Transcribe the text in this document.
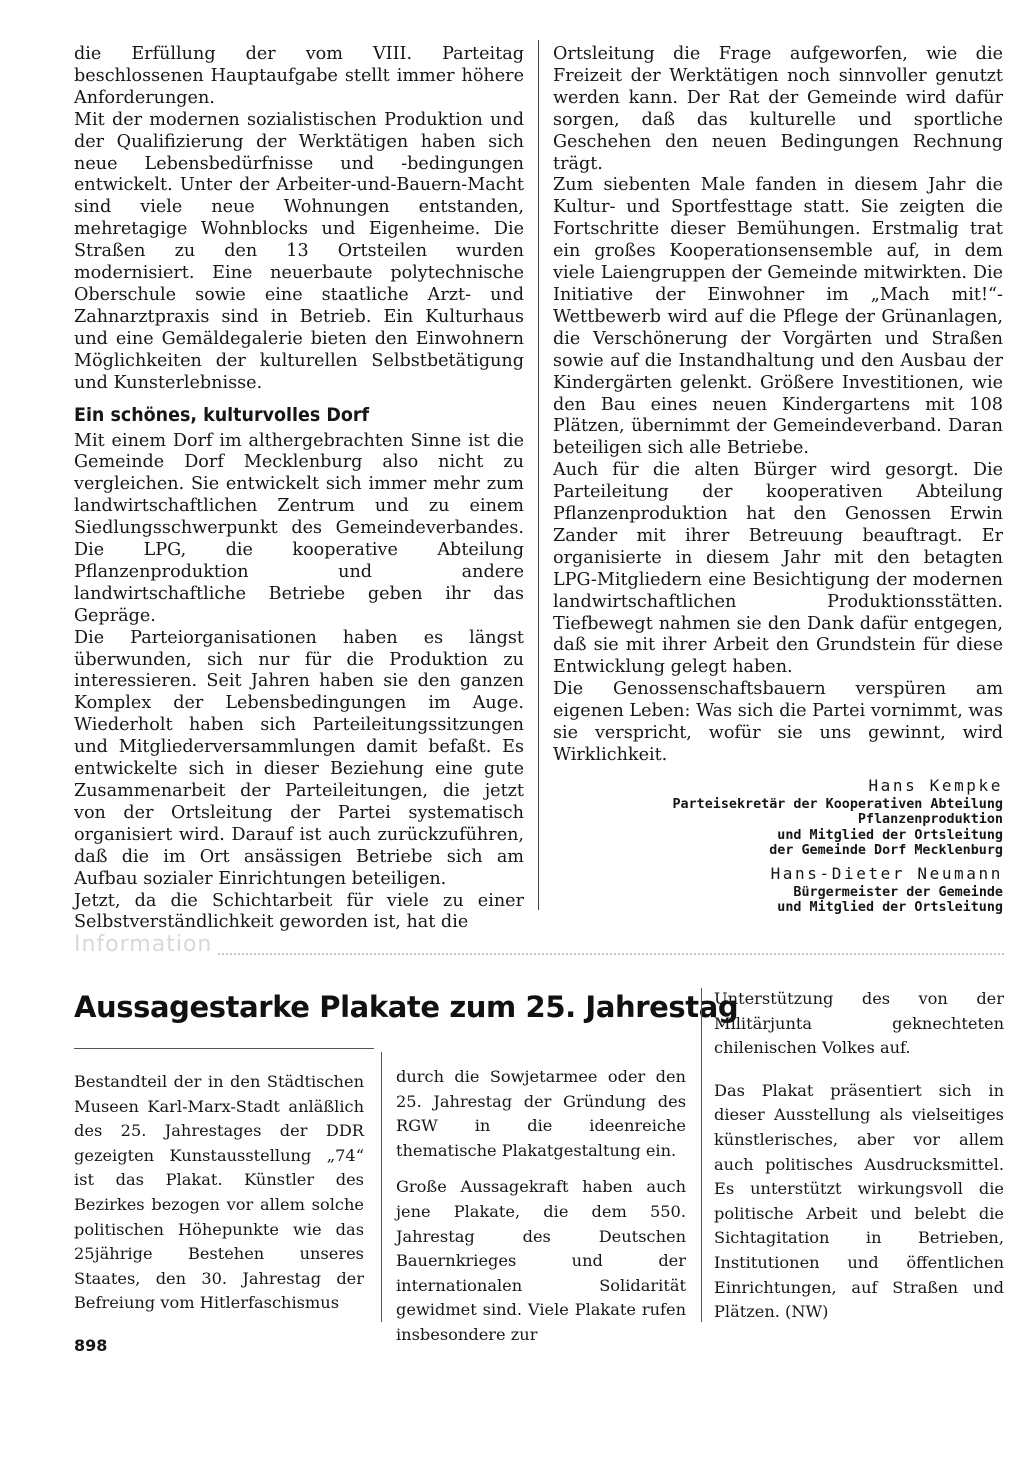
die Erfüllung der vom VIII. Parteitag beschlossenen Hauptaufgabe stellt immer höhere Anforderungen.

Mit der modernen sozialistischen Produktion und der Qualifizierung der Werktätigen haben sich neue Lebensbedürfnisse und -bedingungen entwickelt. Unter der Arbeiter-und-Bauern-Macht sind viele neue Wohnungen entstanden, mehretagige Wohnblocks und Eigenheime. Die Straßen zu den 13 Ortsteilen wurden modernisiert. Eine neuerbaute polytechnische Oberschule sowie eine staatliche Arzt- und Zahnarztpraxis sind in Betrieb. Ein Kulturhaus und eine Gemäldegalerie bieten den Einwohnern Möglichkeiten der kulturellen Selbstbetätigung und Kunsterlebnisse.

Ein schönes, kulturvolles Dorf

Mit einem Dorf im althergebrachten Sinne ist die Gemeinde Dorf Mecklenburg also nicht zu vergleichen. Sie entwickelt sich immer mehr zum landwirtschaftlichen Zentrum und zu einem Siedlungsschwerpunkt des Gemeindeverbandes. Die LPG, die kooperative Abteilung Pflanzenproduktion und andere landwirtschaftliche Betriebe geben ihr das Gepräge.

Die Parteiorganisationen haben es längst überwunden, sich nur für die Produktion zu interessieren. Seit Jahren haben sie den ganzen Komplex der Lebensbedingungen im Auge. Wiederholt haben sich Parteileitungssitzungen und Mitgliederversammlungen damit befaßt. Es entwickelte sich in dieser Beziehung eine gute Zusammenarbeit der Parteileitungen, die jetzt von der Ortsleitung der Partei systematisch organisiert wird. Darauf ist auch zurückzuführen, daß die im Ort ansässigen Betriebe sich am Aufbau sozialer Einrichtungen beteiligen.

Jetzt, da die Schichtarbeit für viele zu einer Selbstverständlichkeit geworden ist, hat die

Ortsleitung die Frage aufgeworfen, wie die Freizeit der Werktätigen noch sinnvoller genutzt werden kann. Der Rat der Gemeinde wird dafür sorgen, daß das kulturelle und sportliche Geschehen den neuen Bedingungen Rechnung trägt.

Zum siebenten Male fanden in diesem Jahr die Kultur- und Sportfesttage statt. Sie zeigten die Fortschritte dieser Bemühungen. Erstmalig trat ein großes Kooperationsensemble auf, in dem viele Laiengruppen der Gemeinde mitwirkten. Die Initiative der Einwohner im „Mach mit!“-Wettbewerb wird auf die Pflege der Grünanlagen, die Verschönerung der Vorgärten und Straßen sowie auf die Instandhaltung und den Ausbau der Kindergärten gelenkt. Größere Investitionen, wie den Bau eines neuen Kindergartens mit 108 Plätzen, übernimmt der Gemeindeverband. Daran beteiligen sich alle Betriebe.

Auch für die alten Bürger wird gesorgt. Die Parteileitung der kooperativen Abteilung Pflanzenproduktion hat den Genossen Erwin Zander mit ihrer Betreuung beauftragt. Er organisierte in diesem Jahr mit den betagten LPG-Mitgliedern eine Besichtigung der modernen landwirtschaftlichen Produktionsstätten. Tiefbewegt nahmen sie den Dank dafür entgegen, daß sie mit ihrer Arbeit den Grundstein für diese Entwicklung gelegt haben.

Die Genossenschaftsbauern verspüren am eigenen Leben: Was sich die Partei vornimmt, was sie verspricht, wofür sie uns gewinnt, wird Wirklichkeit.

Hans Kempke
Parteisekretär der Kooperativen Abteilung
Pflanzenproduktion
und Mitglied der Ortsleitung
der Gemeinde Dorf Mecklenburg
Hans-Dieter Neumann
Bürgermeister der Gemeinde
und Mitglied der Ortsleitung
Information
Aussagestarke Plakate zum 25. Jahrestag

Bestandteil der in den Städtischen Museen Karl-Marx-Stadt anläßlich des 25. Jahrestages der DDR gezeigten Kunstausstellung „74“ ist das Plakat. Künstler des Bezirkes bezogen vor allem solche politischen Höhepunkte wie das 25jährige Bestehen unseres Staates, den 30. Jahrestag der Befreiung vom Hitlerfaschismus

durch die Sowjetarmee oder den 25. Jahrestag der Gründung des RGW in die ideenreiche thematische Plakatgestaltung ein.

Große Aussagekraft haben auch jene Plakate, die dem 550. Jahrestag des Deutschen Bauernkrieges und der internationalen Solidarität gewidmet sind. Viele Plakate rufen insbesondere zur

Unterstützung des von der Militärjunta geknechteten chilenischen Volkes auf.

Das Plakat präsentiert sich in dieser Ausstellung als vielseitiges künstlerisches, aber vor allem auch politisches Ausdrucksmittel. Es unterstützt wirkungsvoll die politische Arbeit und belebt die Sichtagitation in Betrieben, Institutionen und öffentlichen Einrichtungen, auf Straßen und Plätzen. (NW)

898
